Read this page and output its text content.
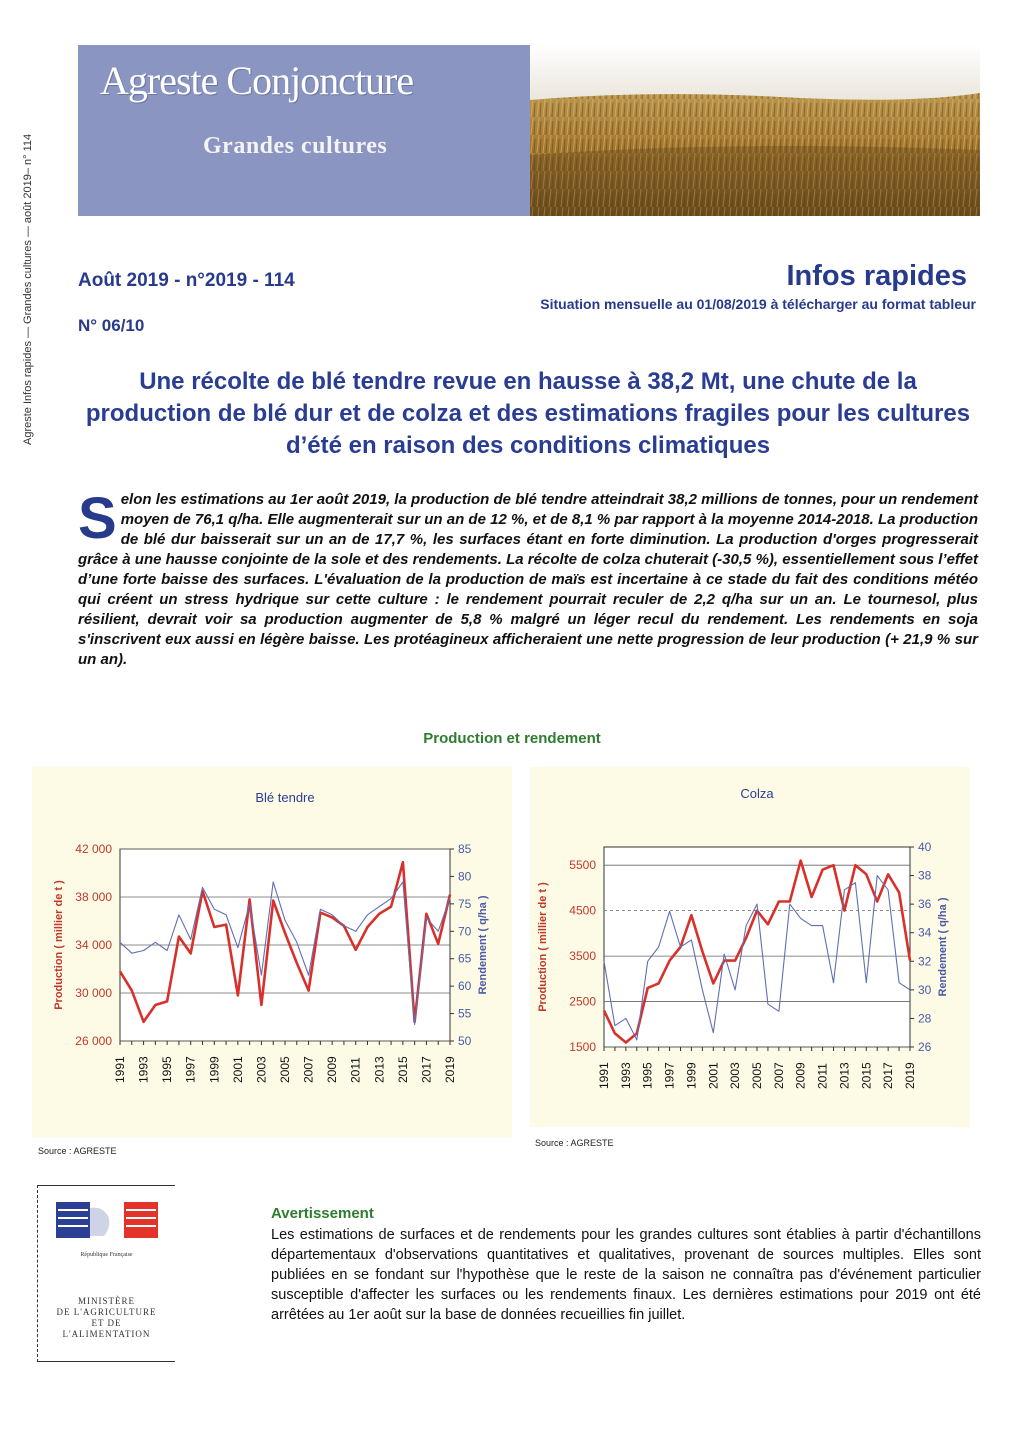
Agreste Infos rapides — Grandes cultures — août 2019– n° 114
Agreste Conjoncture
Grandes cultures
Août 2019 - n°2019 - 114
N° 06/10
Infos rapides
Situation mensuelle au 01/08/2019 à télécharger au format tableur
Une récolte de blé tendre revue en hausse à 38,2 Mt, une chute de la production de blé dur et de colza et des estimations fragiles pour les cultures d’été en raison des conditions climatiques
Selon les estimations au 1er août 2019, la production de blé tendre atteindrait 38,2 millions de tonnes, pour un rendement moyen de 76,1 q/ha. Elle augmenterait sur un an de 12 %, et de 8,1 % par rapport à la moyenne 2014-2018. La production de blé dur baisserait sur un an de 17,7 %, les surfaces étant en forte diminution. La production d'orges progresserait grâce à une hausse conjointe de la sole et des rendements. La récolte de colza chuterait (-30,5 %), essentiellement sous l’effet d’une forte baisse des surfaces. L'évaluation de la production de maïs est incertaine à ce stade du fait des conditions météo qui créent un stress hydrique sur cette culture : le rendement pourrait reculer de 2,2 q/ha sur un an. Le tournesol, plus résilient, devrait voir sa production augmenter de 5,8 % malgré un léger recul du rendement. Les rendements en soja s'inscrivent eux aussi en légère baisse. Les protéagineux afficheraient une nette progression de leur production (+ 21,9 % sur un an).
Production et rendement
Blé tendre
26 000
30 000
34 000
38 000
42 000
50
55
60
65
70
75
80
85
1991 1993 1995 1997 1999 2001 2003 2005 2007 2009 2011 2013 2015 2017 2019
Production ( millier de t )	Rendement ( q/ha )
Source : AGRESTE
Colza
1500
2500
3500
4500
5500
26
28
30
32
34
36
38
40
1991 1993 1995 1997 1999 2001 2003 2005 2007 2009 2011 2013 2015 2017 2019
Production ( millier de t )	Rendement ( q/ha )
Source : AGRESTE
République Française
MINISTÈRE
DE L'AGRICULTURE
ET DE
L'ALIMENTATION
Avertissement
Les estimations de surfaces et de rendements pour les grandes cultures sont établies à partir d'échantillons départementaux d'observations quantitatives et qualitatives, provenant de sources multiples. Elles sont publiées en se fondant sur l'hypothèse que le reste de la saison ne connaîtra pas d'événement particulier susceptible d'affecter les surfaces ou les rendements finaux. Les dernières estimations pour 2019 ont été arrêtées au 1er août sur la base de données recueillies fin juillet.
